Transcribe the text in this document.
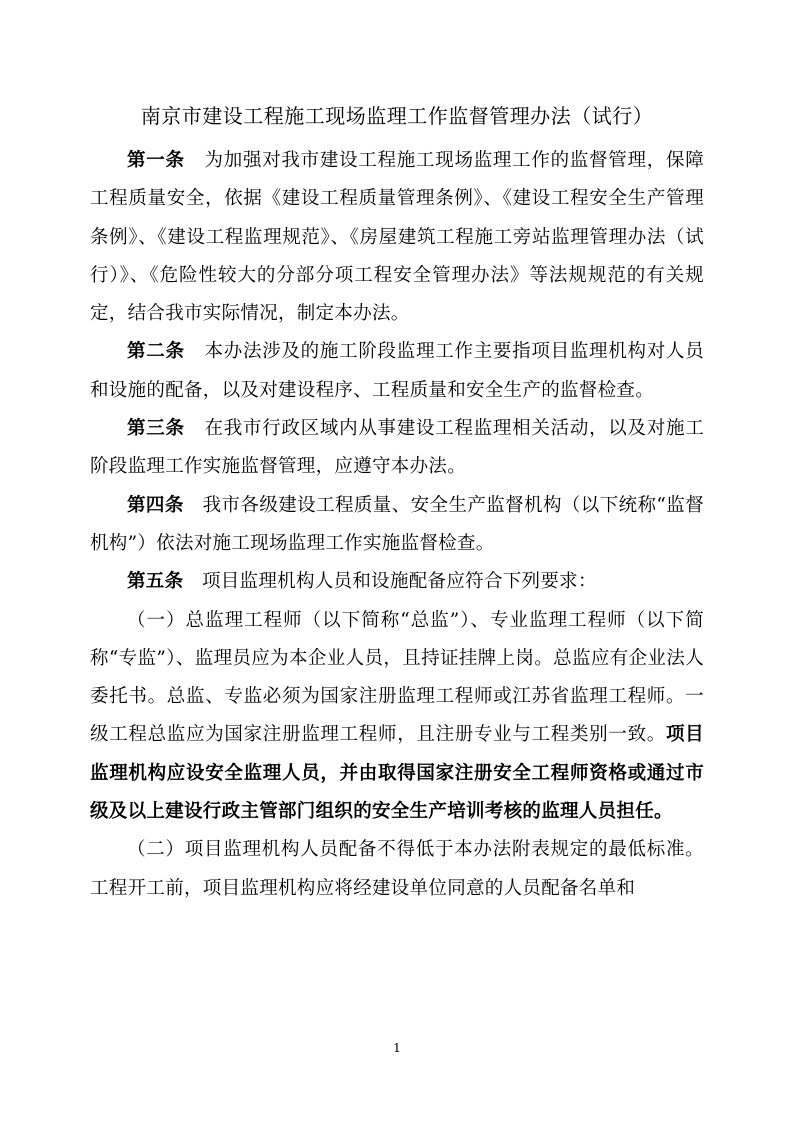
南京市建设工程施工现场监理工作监督管理办法（试行）

第一条 为加强对我市建设工程施工现场监理工作的监督管理，保障工程质量安全，依据《建设工程质量管理条例》、《建设工程安全生产管理条例》、《建设工程监理规范》、《房屋建筑工程施工旁站监理管理办法（试行）》、《危险性较大的分部分项工程安全管理办法》等法规规范的有关规定，结合我市实际情况，制定本办法。

第二条 本办法涉及的施工阶段监理工作主要指项目监理机构对人员和设施的配备，以及对建设程序、工程质量和安全生产的监督检查。

第三条 在我市行政区域内从事建设工程监理相关活动，以及对施工阶段监理工作实施监督管理，应遵守本办法。

第四条 我市各级建设工程质量、安全生产监督机构（以下统称“监督机构”）依法对施工现场监理工作实施监督检查。

第五条 项目监理机构人员和设施配备应符合下列要求：

（一）总监理工程师（以下简称“总监”）、专业监理工程师（以下简称“专监”）、监理员应为本企业人员，且持证挂牌上岗。总监应有企业法人委托书。总监、专监必须为国家注册监理工程师或江苏省监理工程师。一级工程总监应为国家注册监理工程师，且注册专业与工程类别一致。项目监理机构应设安全监理人员，并由取得国家注册安全工程师资格或通过市级及以上建设行政主管部门组织的安全生产培训考核的监理人员担任。

（二）项目监理机构人员配备不得低于本办法附表规定的最低标准。工程开工前，项目监理机构应将经建设单位同意的人员配备名单和

1
